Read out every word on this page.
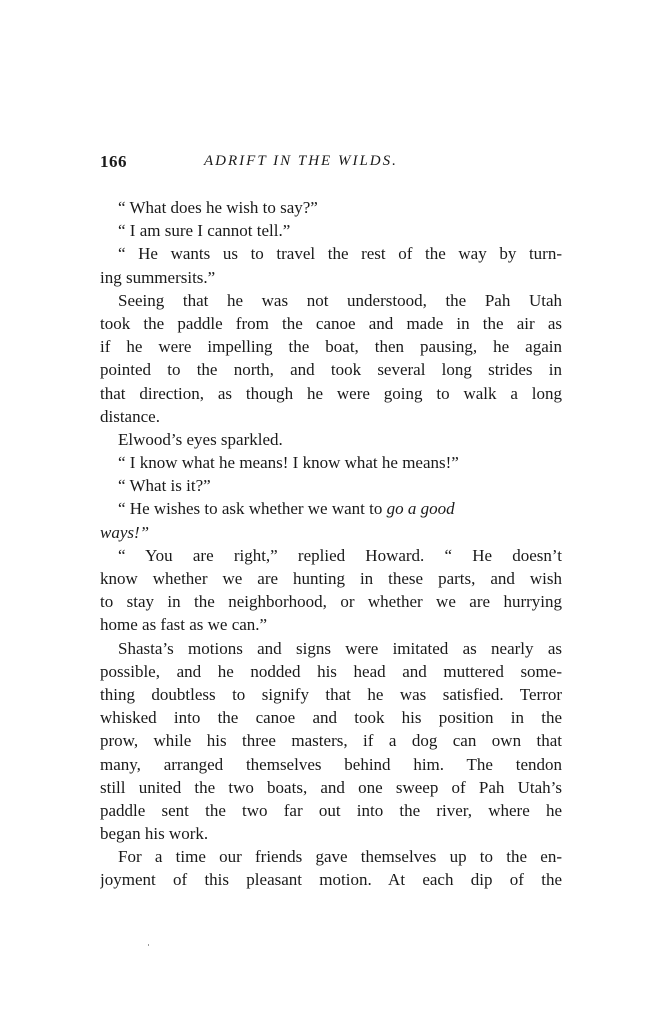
166	ADRIFT IN THE WILDS.
“ What does he wish to say?”
“ I am sure I cannot tell.”
“ He wants us to travel the rest of the way by turn-
ing summersits.”
Seeing that he was not understood, the Pah Utah
took the paddle from the canoe and made in the air as
if he were impelling the boat, then pausing, he again
pointed to the north, and took several long strides in
that direction, as though he were going to walk a long
distance.
Elwood’s eyes sparkled.
“ I know what he means! I know what he means!”
“ What is it?”
“ He wishes to ask whether we want to go a good
ways!”
“ You are right,” replied Howard. “ He doesn’t
know whether we are hunting in these parts, and wish
to stay in the neighborhood, or whether we are hurrying
home as fast as we can.”
Shasta’s motions and signs were imitated as nearly as
possible, and he nodded his head and muttered some-
thing doubtless to signify that he was satisfied. Terror
whisked into the canoe and took his position in the
prow, while his three masters, if a dog can own that
many, arranged themselves behind him. The tendon
still united the two boats, and one sweep of Pah Utah’s
paddle sent the two far out into the river, where he
began his work.
For a time our friends gave themselves up to the en-
joyment of this pleasant motion. At each dip of the
